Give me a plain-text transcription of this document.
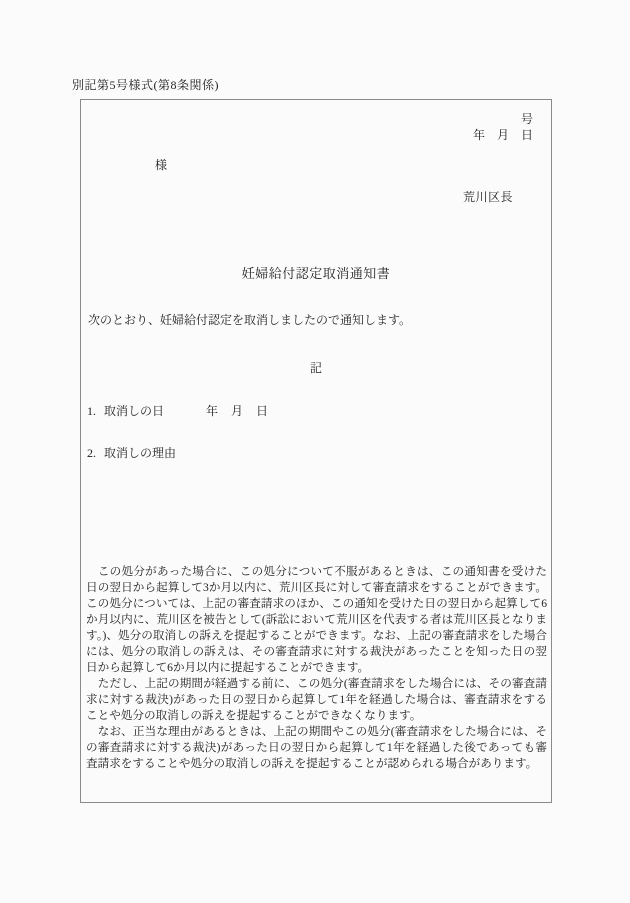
別記第5号様式(第8条関係)
号
年　月　日
様
荒川区長
妊婦給付認定取消通知書
次のとおり、妊婦給付認定を取消しましたので通知します。
記
1. 取消しの日	年　月　日
2. 取消しの理由

　この処分があった場合に、この処分について不服があるときは、この通知書を受けた日の翌日から起算して3か月以内に、荒川区長に対して審査請求をすることができます。この処分については、上記の審査請求のほか、この通知を受けた日の翌日から起算して6か月以内に、荒川区を被告として(訴訟において荒川区を代表する者は荒川区長となります。)、処分の取消しの訴えを提起することができます。なお、上記の審査請求をした場合には、処分の取消しの訴えは、その審査請求に対する裁決があったことを知った日の翌日から起算して6か月以内に提起することができます。

　ただし、上記の期間が経過する前に、この処分(審査請求をした場合には、その審査請求に対する裁決)があった日の翌日から起算して1年を経過した場合は、審査請求をすることや処分の取消しの訴えを提起することができなくなります。

　なお、正当な理由があるときは、上記の期間やこの処分(審査請求をした場合には、その審査請求に対する裁決)があった日の翌日から起算して1年を経過した後であっても審査請求をすることや処分の取消しの訴えを提起することが認められる場合があります。
